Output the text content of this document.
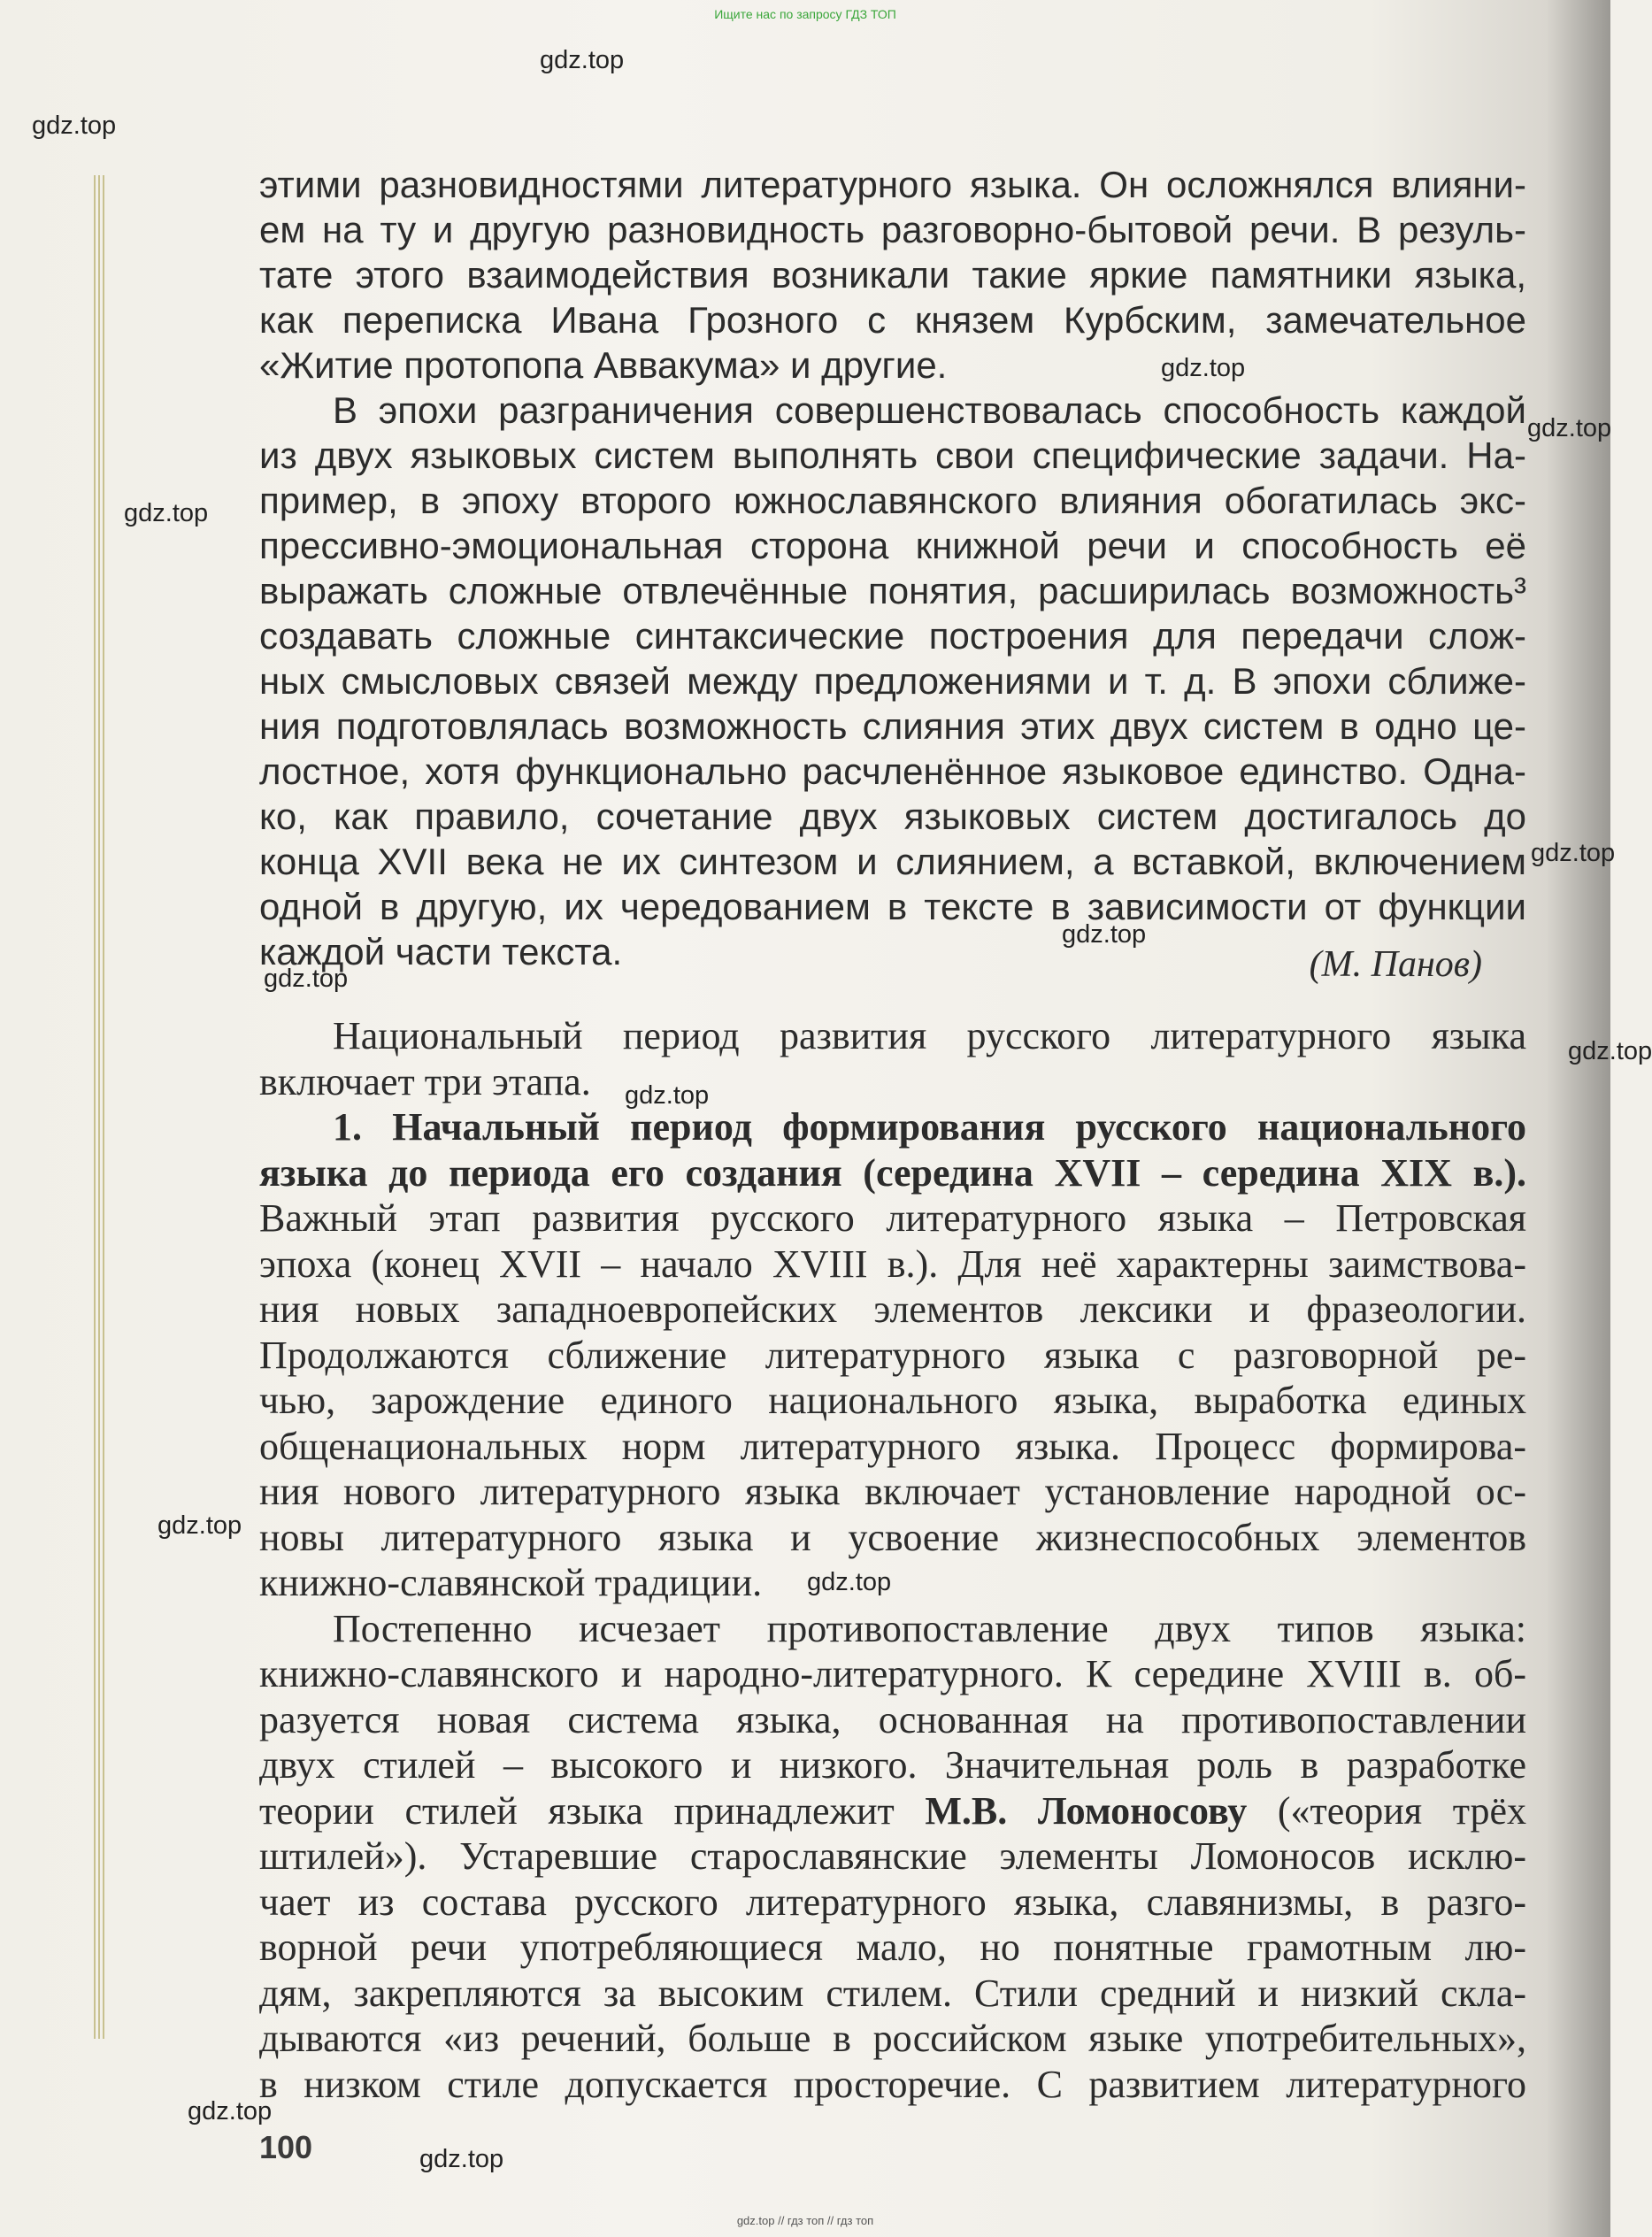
Ищите нас по запросу ГДЗ ТОП
gdz.top
gdz.top
gdz.top
gdz.top
gdz.top
gdz.top
gdz.top
gdz.top
gdz.top
gdz.top
gdz.top
gdz.top
gdz.top
gdz.top
этими разновидностями литературного языка. Он осложнялся влияни-
ем на ту и другую разновидность разговорно-бытовой речи. В резуль-
тате этого взаимодействия возникали такие яркие памятники языка,
как переписка Ивана Грозного с князем Курбским, замечательное
«Житие протопопа Аввакума» и другие.
В эпохи разграничения совершенствовалась способность каждой
из двух языковых систем выполнять свои специфические задачи. На-
пример, в эпоху второго южнославянского влияния обогатилась экс-
прессивно-эмоциональная сторона книжной речи и способность её
выражать сложные отвлечённые понятия, расширилась возможность³
создавать сложные синтаксические построения для передачи слож-
ных смысловых связей между предложениями и т. д. В эпохи сближе-
ния подготовлялась возможность слияния этих двух систем в одно це-
лостное, хотя функционально расчленённое языковое единство. Однa-
ко, как правило, сочетание двух языковых систем достигалось до
конца XVII века не их синтезом и слиянием, а вставкой, включением
одной в другую, их чередованием в тексте в зависимости от функции
каждой части текста.	(М. Панов)
Национальный период развития русского литературного языка
включает три этапа.
1. Начальный период формирования русского национального
языка до периода его создания (середина XVII – середина XIX в.).
Важный этап развития русского литературного языка – Петровская
эпоха (конец XVII – начало XVIII в.). Для неё характерны заимствова-
ния новых западноевропейских элементов лексики и фразеологии.
Продолжаются сближение литературного языка с разговорной ре-
чью, зарождение единого национального языка, выработка единых
общенациональных норм литературного языка. Процесс формирова-
ния нового литературного языка включает установление народной ос-
новы литературного языка и усвоение жизнеспособных элементов
книжно-славянской традиции.
Постепенно исчезает противопоставление двух типов языка:
книжно-славянского и народно-литературного. К середине XVIII в. об-
разуется новая система языка, основанная на противопоставлении
двух стилей – высокого и низкого. Значительная роль в разработке
теории стилей языка принадлежит М.В. Ломоносову («теория трёх
штилей»). Устаревшие старославянские элементы Ломоносов исклю-
чает из состава русского литературного языка, славянизмы, в разго-
ворной речи употребляющиеся мало, но понятные грамотным лю-
дям, закрепляются за высоким стилем. Стили средний и низкий скла-
дываются «из речений, больше в российском языке употребительных»,
в низком стиле допускается просторечие. С развитием литературного
100
gdz.top // гдз топ // гдз топ
